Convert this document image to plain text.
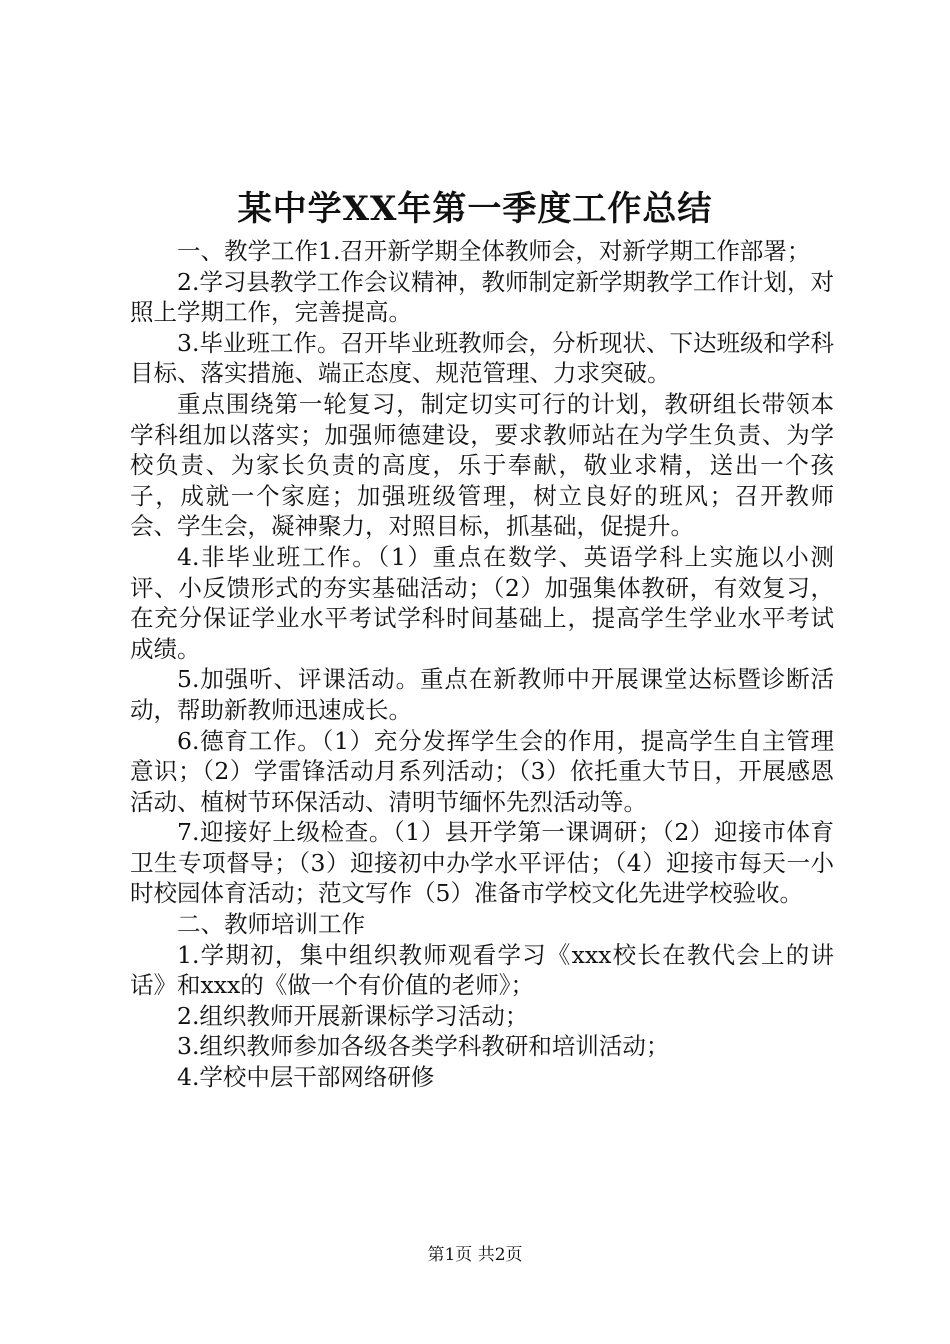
某中学XX年第一季度工作总结

一、教学工作1.召开新学期全体教师会，对新学期工作部署；

2.学习县教学工作会议精神，教师制定新学期教学工作计划，对照上学期工作，完善提高。

3.毕业班工作。召开毕业班教师会，分析现状、下达班级和学科目标、落实措施、端正态度、规范管理、力求突破。

重点围绕第一轮复习，制定切实可行的计划，教研组长带领本学科组加以落实；加强师德建设，要求教师站在为学生负责、为学校负责、为家长负责的高度，乐于奉献，敬业求精，送出一个孩子，成就一个家庭；加强班级管理，树立良好的班风；召开教师会、学生会，凝神聚力，对照目标，抓基础，促提升。

4.非毕业班工作。（1）重点在数学、英语学科上实施以小测评、小反馈形式的夯实基础活动；（2）加强集体教研，有效复习，在充分保证学业水平考试学科时间基础上，提高学生学业水平考试成绩。

5.加强听、评课活动。重点在新教师中开展课堂达标暨诊断活动，帮助新教师迅速成长。

6.德育工作。（1）充分发挥学生会的作用，提高学生自主管理意识；（2）学雷锋活动月系列活动；（3）依托重大节日，开展感恩活动、植树节环保活动、清明节缅怀先烈活动等。

7.迎接好上级检查。（1）县开学第一课调研；（2）迎接市体育卫生专项督导；（3）迎接初中办学水平评估；（4）迎接市每天一小时校园体育活动；范文写作（5）准备市学校文化先进学校验收。

二、教师培训工作

1.学期初，集中组织教师观看学习《xxx校长在教代会上的讲话》和xxx的《做一个有价值的老师》；

2.组织教师开展新课标学习活动；

3.组织教师参加各级各类学科教研和培训活动；

4.学校中层干部网络研修

第1页 共2页
